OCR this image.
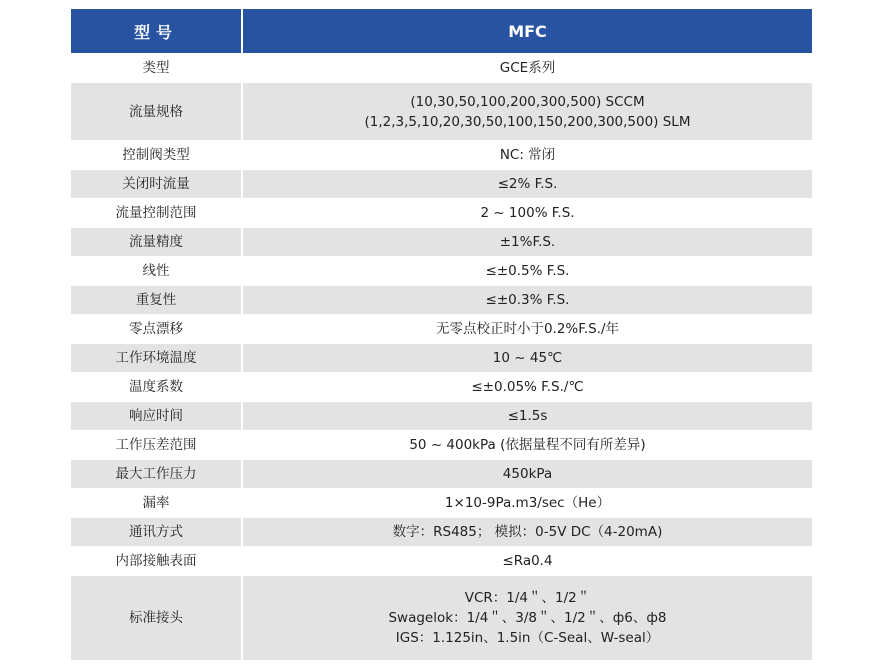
型号	MFC
类型	GCE系列

流量规格	(10,30,50,100,200,300,500) SCCM
(1,2,3,5,10,20,30,50,100,150,200,300,500) SLM

控制阀类型	NC: 常闭

关闭时流量	≤2% F.S.

流量控制范围	2 ~ 100% F.S.

流量精度	±1%F.S.

线性	≤±0.5% F.S.

重复性	≤±0.3% F.S.

零点漂移	无零点校正时小于0.2%F.S./年

工作环境温度	10 ~ 45℃

温度系数	≤±0.05% F.S./℃

响应时间	≤1.5s

工作压差范围	50 ~ 400kPa (依据量程不同有所差异)

最大工作压力	450kPa

漏率	1×10-9Pa.m3/sec（He）

通讯方式	数字：RS485； 模拟：0-5V DC（4-20mA)

内部接触表面	≤Ra0.4

标准接头	VCR：1/4＂、1/2＂
Swagelok：1/4＂、3/8＂、1/2＂、ф6、ф8
IGS：1.125in、1.5in（C-Seal、W-seal）
